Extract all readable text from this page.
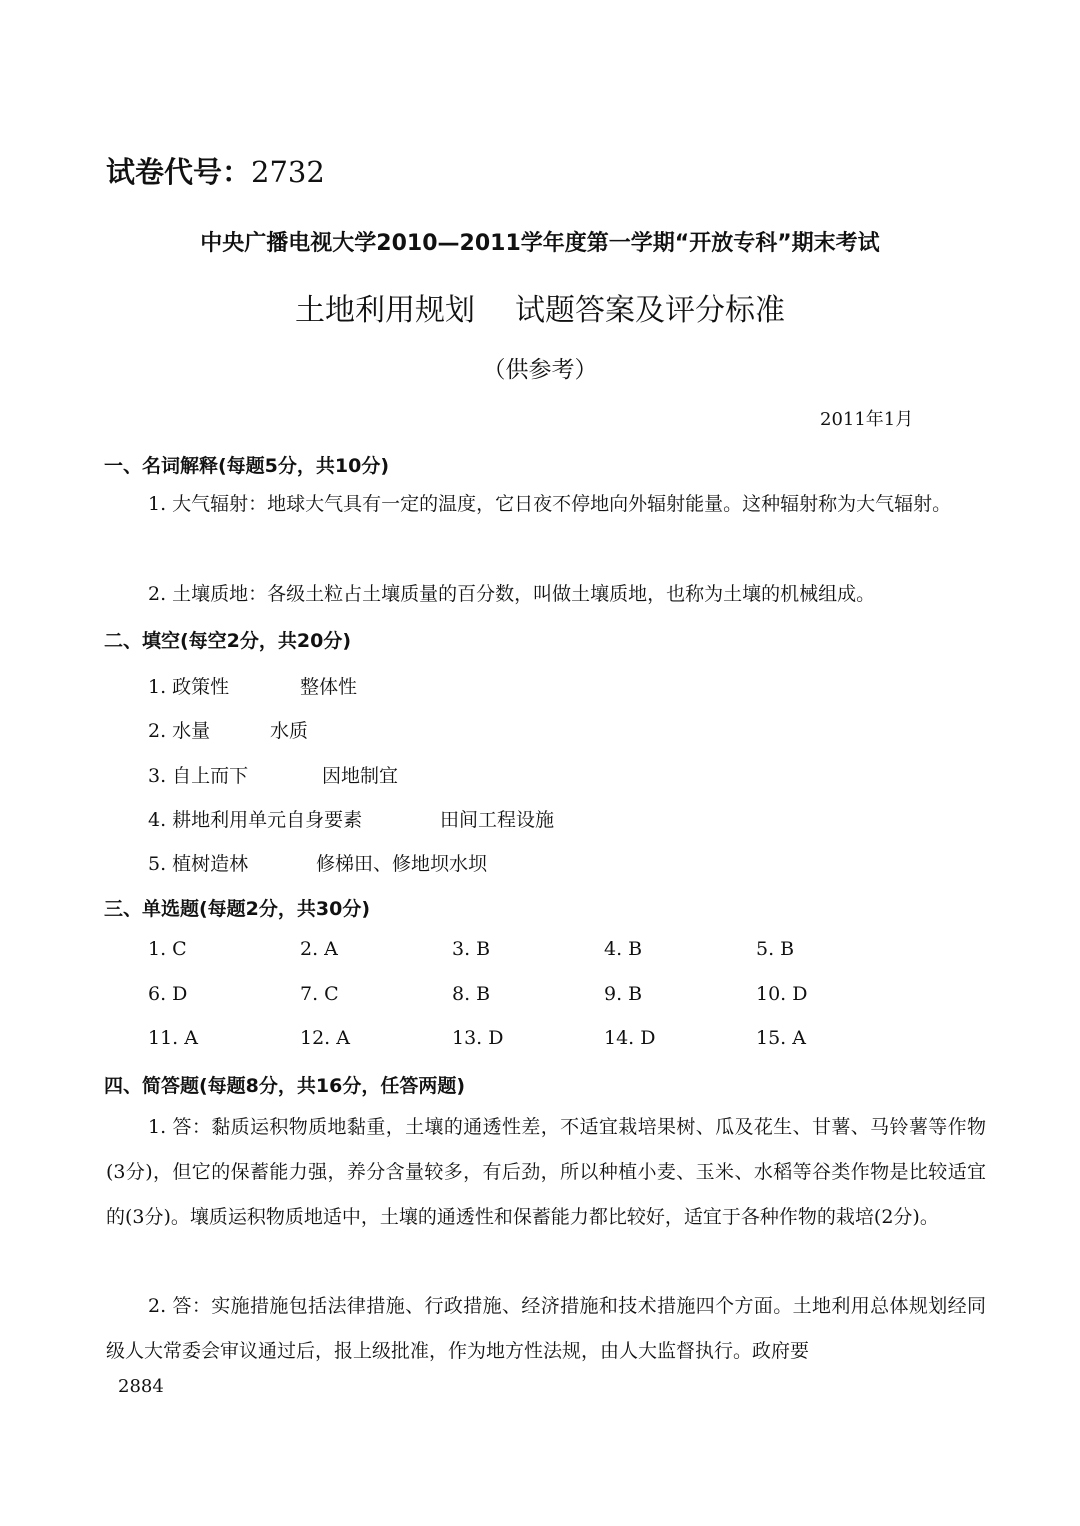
试卷代号：2732
中央广播电视大学2010—2011学年度第一学期“开放专科”期末考试
土地利用规划 试题答案及评分标准
（供参考）
2011年1月
一、名词解释(每题5分，共10分)
1. 大气辐射：地球大气具有一定的温度，它日夜不停地向外辐射能量。这种辐射称为大气辐射。
2. 土壤质地：各级土粒占土壤质量的百分数，叫做土壤质地，也称为土壤的机械组成。
二、填空(每空2分，共20分)
1. 政策性	整体性
2. 水量	水质
3. 自上而下	因地制宜
4. 耕地利用单元自身要素	田间工程设施
5. 植树造林	修梯田、修地坝水坝
三、单选题(每题2分，共30分)
1. C	2. A	3. B	4. B	5. B
6. D	7. C	8. B	9. B	10. D
11. A	12. A	13. D	14. D	15. A
四、简答题(每题8分，共16分，任答两题)
1. 答：黏质运积物质地黏重，土壤的通透性差，不适宜栽培果树、瓜及花生、甘薯、马铃薯等作物(3分)，但它的保蓄能力强，养分含量较多，有后劲，所以种植小麦、玉米、水稻等谷类作物是比较适宜的(3分)。壤质运积物质地适中，土壤的通透性和保蓄能力都比较好，适宜于各种作物的栽培(2分)。
2. 答：实施措施包括法律措施、行政措施、经济措施和技术措施四个方面。土地利用总体规划经同级人大常委会审议通过后，报上级批准，作为地方性法规，由人大监督执行。政府要
2884
